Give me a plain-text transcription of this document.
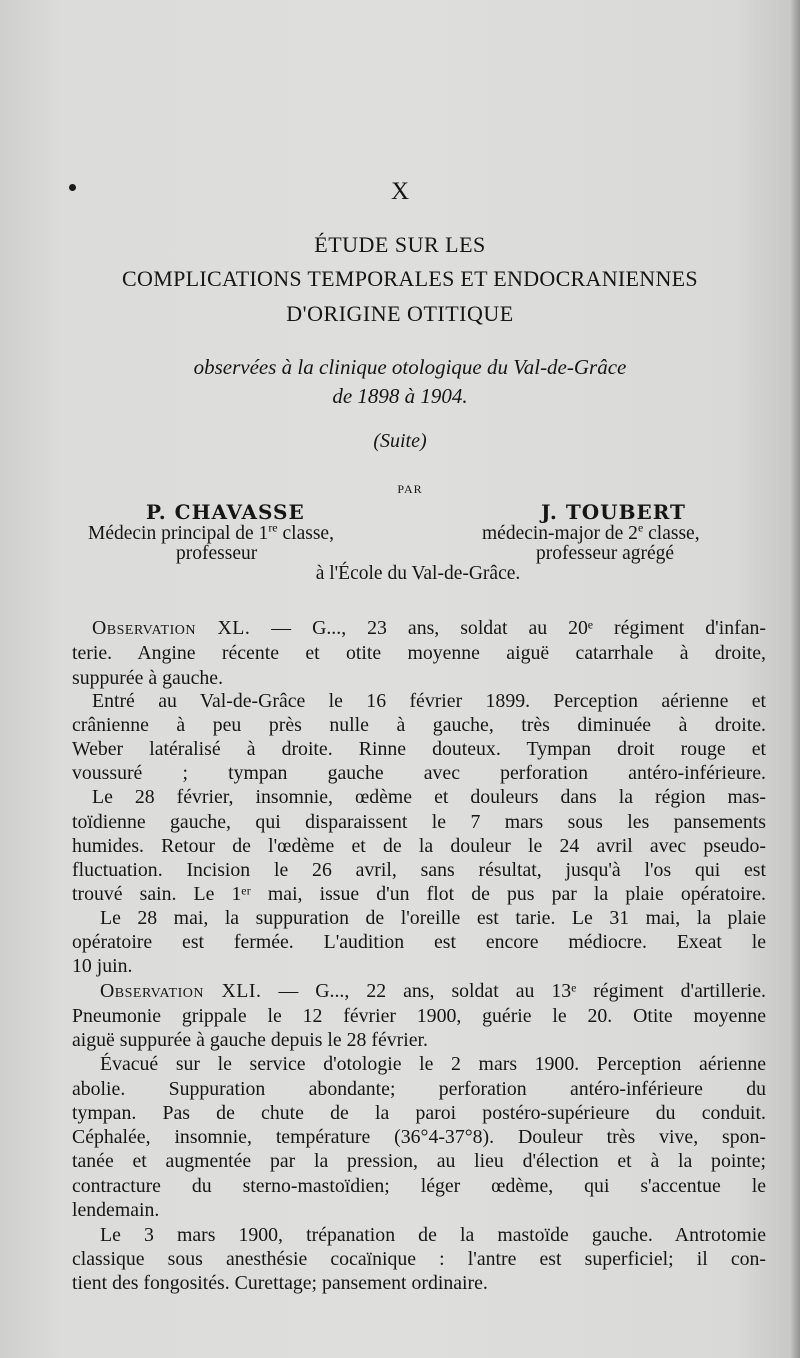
X
ÉTUDE SUR LES
COMPLICATIONS TEMPORALES ET ENDOCRANIENNES
D'ORIGINE OTITIQUE
observées à la clinique otologique du Val-de-Grâce
de 1898 à 1904.
(Suite)
PAR
P. CHAVASSE	J. TOUBERT
Médecin principal de 1re classe,	médecin-major de 2e classe,
professeur	professeur agrégé
à l'École du Val-de-Grâce.
Observation XL. — G..., 23 ans, soldat au 20ᵉ régiment d'infan-
terie. Angine récente et otite moyenne aiguë catarrhale à droite,
suppurée à gauche.
Entré au Val-de-Grâce le 16 février 1899. Perception aérienne et
crânienne à peu près nulle à gauche, très diminuée à droite.
Weber latéralisé à droite. Rinne douteux. Tympan droit rouge et
voussuré ; tympan gauche avec perforation antéro-inférieure.
Le 28 février, insomnie, œdème et douleurs dans la région mas-
toïdienne gauche, qui disparaissent le 7 mars sous les pansements
humides. Retour de l'œdème et de la douleur le 24 avril avec pseudo-
fluctuation. Incision le 26 avril, sans résultat, jusqu'à l'os qui est
trouvé sain. Le 1ᵉʳ mai, issue d'un flot de pus par la plaie opératoire.
Le 28 mai, la suppuration de l'oreille est tarie. Le 31 mai, la plaie
opératoire est fermée. L'audition est encore médiocre. Exeat le
10 juin.
Observation XLI. — G..., 22 ans, soldat au 13ᵉ régiment d'artillerie.
Pneumonie grippale le 12 février 1900, guérie le 20. Otite moyenne
aiguë suppurée à gauche depuis le 28 février.
Évacué sur le service d'otologie le 2 mars 1900. Perception aérienne
abolie. Suppuration abondante; perforation antéro-inférieure du
tympan. Pas de chute de la paroi postéro-supérieure du conduit.
Céphalée, insomnie, température (36°4-37°8). Douleur très vive, spon-
tanée et augmentée par la pression, au lieu d'élection et à la pointe;
contracture du sterno-mastoïdien; léger œdème, qui s'accentue le
lendemain.
Le 3 mars 1900, trépanation de la mastoïde gauche. Antrotomie
classique sous anesthésie cocaïnique : l'antre est superficiel; il con-
tient des fongosités. Curettage; pansement ordinaire.
